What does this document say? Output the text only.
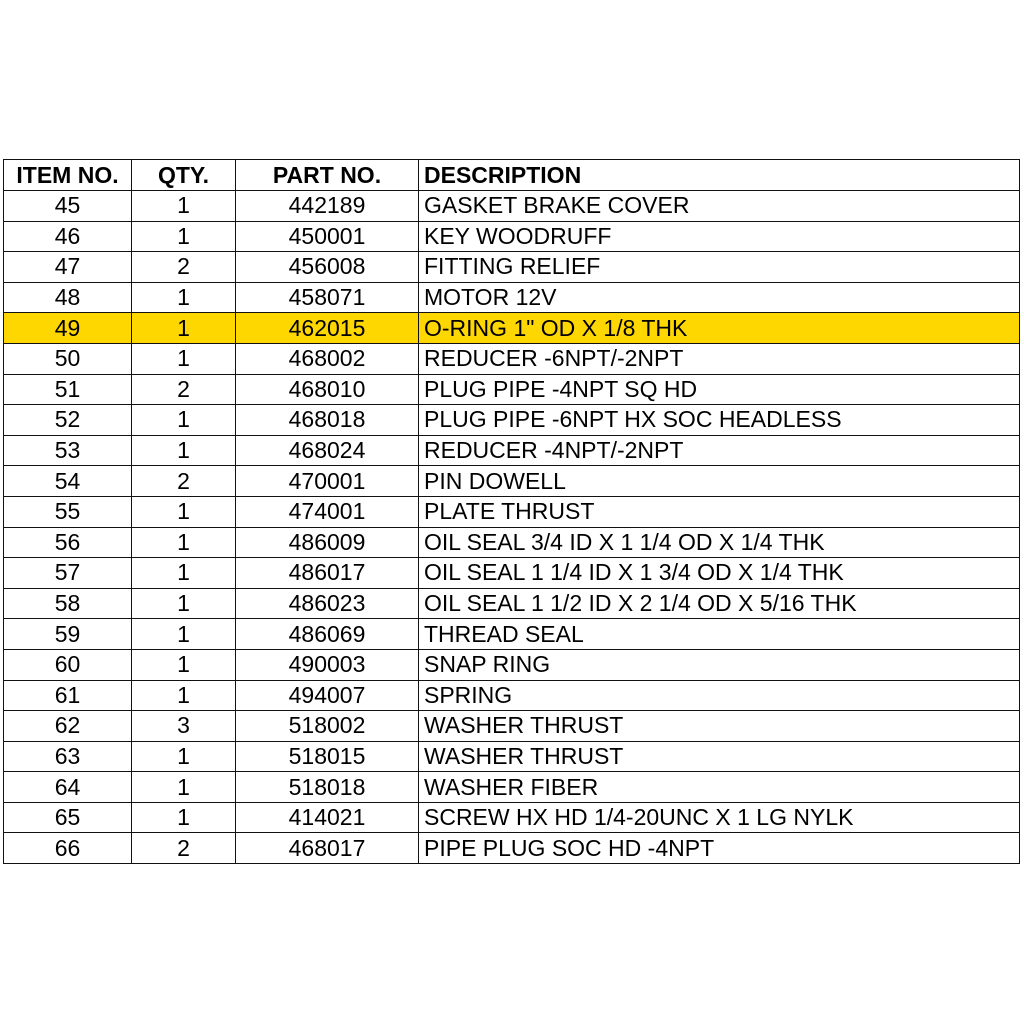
ITEM NO.	QTY.	PART NO.	DESCRIPTION
45	1	442189	GASKET BRAKE COVER
46	1	450001	KEY WOODRUFF
47	2	456008	FITTING RELIEF
48	1	458071	MOTOR 12V
49	1	462015	O-RING 1" OD X 1/8 THK
50	1	468002	REDUCER -6NPT/-2NPT
51	2	468010	PLUG PIPE -4NPT SQ HD
52	1	468018	PLUG PIPE -6NPT HX SOC HEADLESS
53	1	468024	REDUCER -4NPT/-2NPT
54	2	470001	PIN DOWELL
55	1	474001	PLATE THRUST
56	1	486009	OIL SEAL 3/4 ID X 1 1/4 OD X 1/4 THK
57	1	486017	OIL SEAL 1 1/4 ID X 1 3/4 OD X 1/4 THK
58	1	486023	OIL SEAL 1 1/2 ID X 2 1/4 OD X 5/16 THK
59	1	486069	THREAD SEAL
60	1	490003	SNAP RING
61	1	494007	SPRING
62	3	518002	WASHER THRUST
63	1	518015	WASHER THRUST
64	1	518018	WASHER FIBER
65	1	414021	SCREW HX HD 1/4-20UNC X 1 LG NYLK
66	2	468017	PIPE PLUG SOC HD -4NPT
